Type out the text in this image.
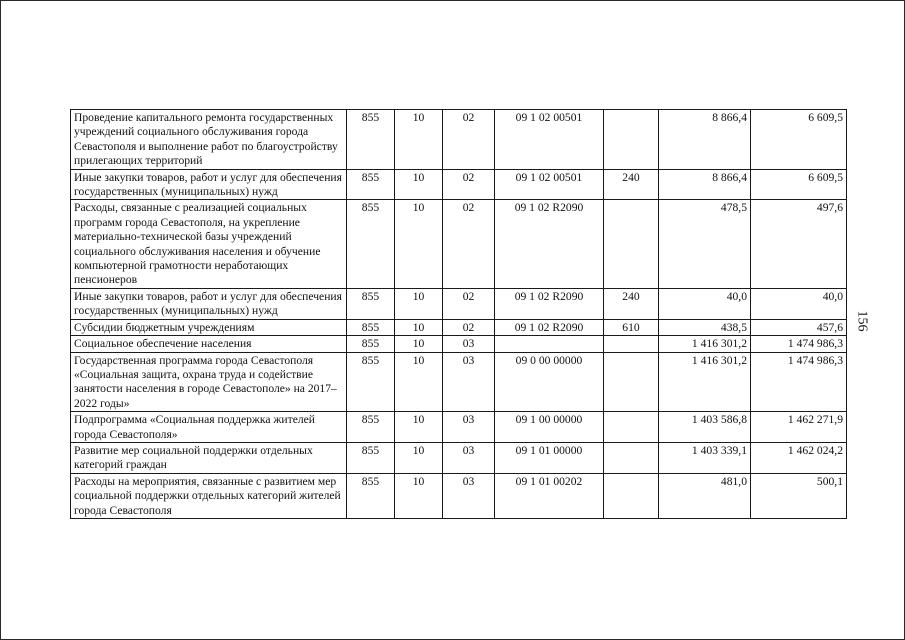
Проведение капитального ремонта государственных учреждений социального обслуживания города Севастополя и выполнение работ по благоустройству прилегающих территорий	855	10	02	09 1 02 00501		8 866,4	6 609,5
Иные закупки товаров, работ и услуг для обеспечения государственных (муниципальных) нужд	855	10	02	09 1 02 00501	240	8 866,4	6 609,5
Расходы, связанные с реализацией социальных программ города Севастополя, на укрепление материально-технической базы учреждений социального обслуживания населения и обучение компьютерной грамотности неработающих пенсионеров	855	10	02	09 1 02 R2090		478,5	497,6
Иные закупки товаров, работ и услуг для обеспечения государственных (муниципальных) нужд	855	10	02	09 1 02 R2090	240	40,0	40,0
Субсидии бюджетным учреждениям	855	10	02	09 1 02 R2090	610	438,5	457,6
Социальное обеспечение населения	855	10	03			1 416 301,2	1 474 986,3
Государственная программа города Севастополя «Социальная защита, охрана труда и содействие занятости населения в городе Севастополе» на 2017–2022 годы»	855	10	03	09 0 00 00000		1 416 301,2	1 474 986,3
Подпрограмма «Социальная поддержка жителей города Севастополя»	855	10	03	09 1 00 00000		1 403 586,8	1 462 271,9
Развитие мер социальной поддержки отдельных категорий граждан	855	10	03	09 1 01 00000		1 403 339,1	1 462 024,2
Расходы на мероприятия, связанные с развитием мер социальной поддержки отдельных категорий жителей города Севастополя	855	10	03	09 1 01 00202		481,0	500,1
156
